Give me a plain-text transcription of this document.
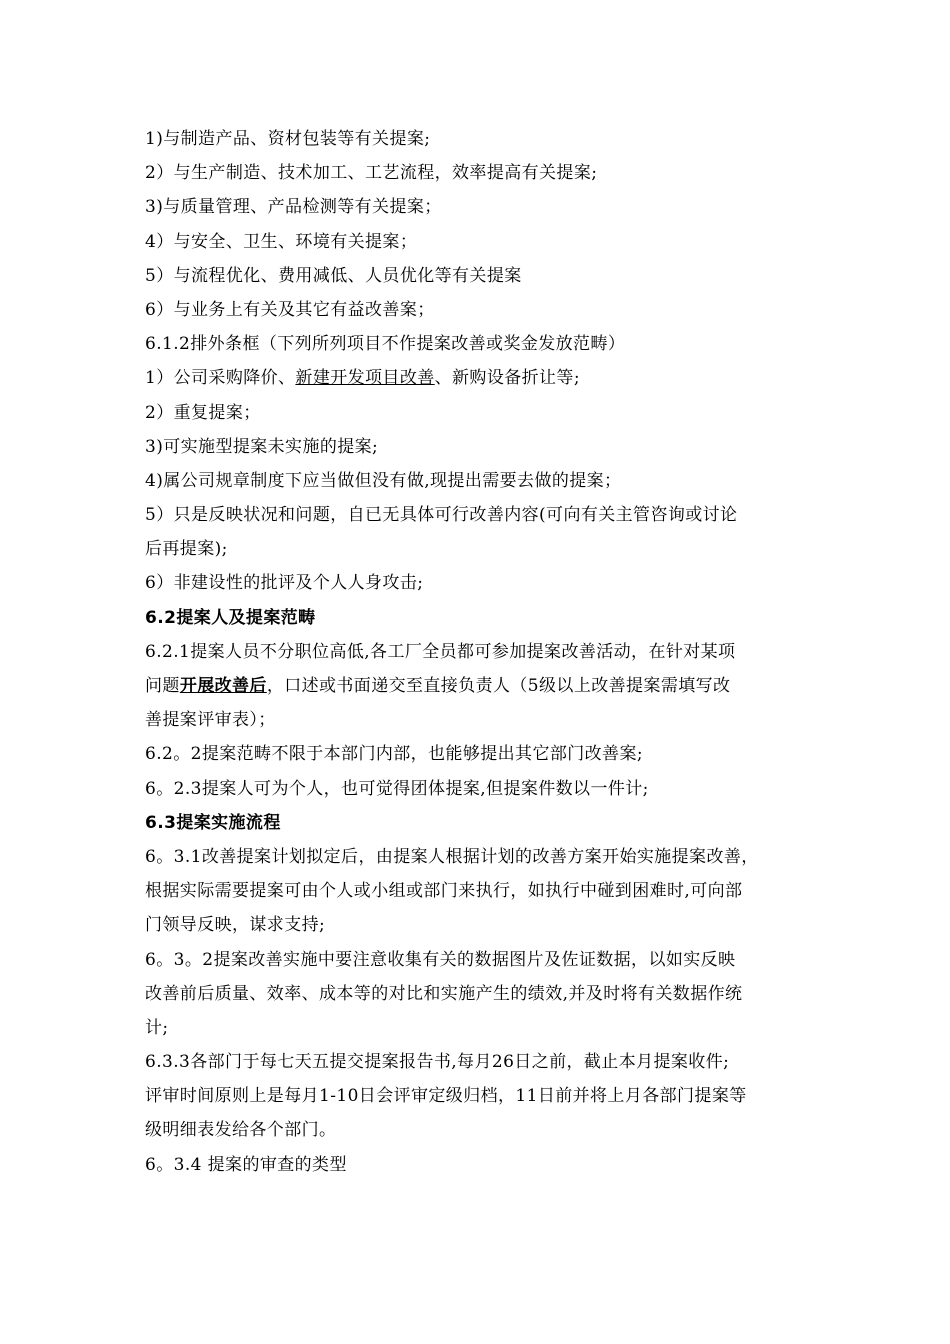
1)与制造产品、资材包装等有关提案;
2）与生产制造、技术加工、工艺流程，效率提高有关提案;
3)与质量管理、产品检测等有关提案；
4）与安全、卫生、环境有关提案；
5）与流程优化、费用减低、人员优化等有关提案
6）与业务上有关及其它有益改善案；
6.1.2排外条框（下列所列项目不作提案改善或奖金发放范畴）
1）公司采购降价、新建开发项目改善、新购设备折让等;
2）重复提案；
3)可实施型提案未实施的提案;
4)属公司规章制度下应当做但没有做,现提出需要去做的提案；
5）只是反映状况和问题，自已无具体可行改善内容(可向有关主管咨询或讨论
后再提案);
6）非建设性的批评及个人人身攻击;
6.2提案人及提案范畴
6.2.1提案人员不分职位高低,各工厂全员都可参加提案改善活动，在针对某项
问题开展改善后，口述或书面递交至直接负责人（5级以上改善提案需填写改
善提案评审表）；
6.2。2提案范畴不限于本部门内部，也能够提出其它部门改善案;
6。2.3提案人可为个人，也可觉得团体提案,但提案件数以一件计;
6.3提案实施流程
6。3.1改善提案计划拟定后，由提案人根据计划的改善方案开始实施提案改善，
根据实际需要提案可由个人或小组或部门来执行，如执行中碰到困难时,可向部
门领导反映，谋求支持;
6。3。2提案改善实施中要注意收集有关的数据图片及佐证数据，以如实反映
改善前后质量、效率、成本等的对比和实施产生的绩效,并及时将有关数据作统
计;
6.3.3各部门于每七天五提交提案报告书,每月26日之前，截止本月提案收件;
评审时间原则上是每月1-10日会评审定级归档，11日前并将上月各部门提案等
级明细表发给各个部门。
6。3.4 提案的审查的类型
